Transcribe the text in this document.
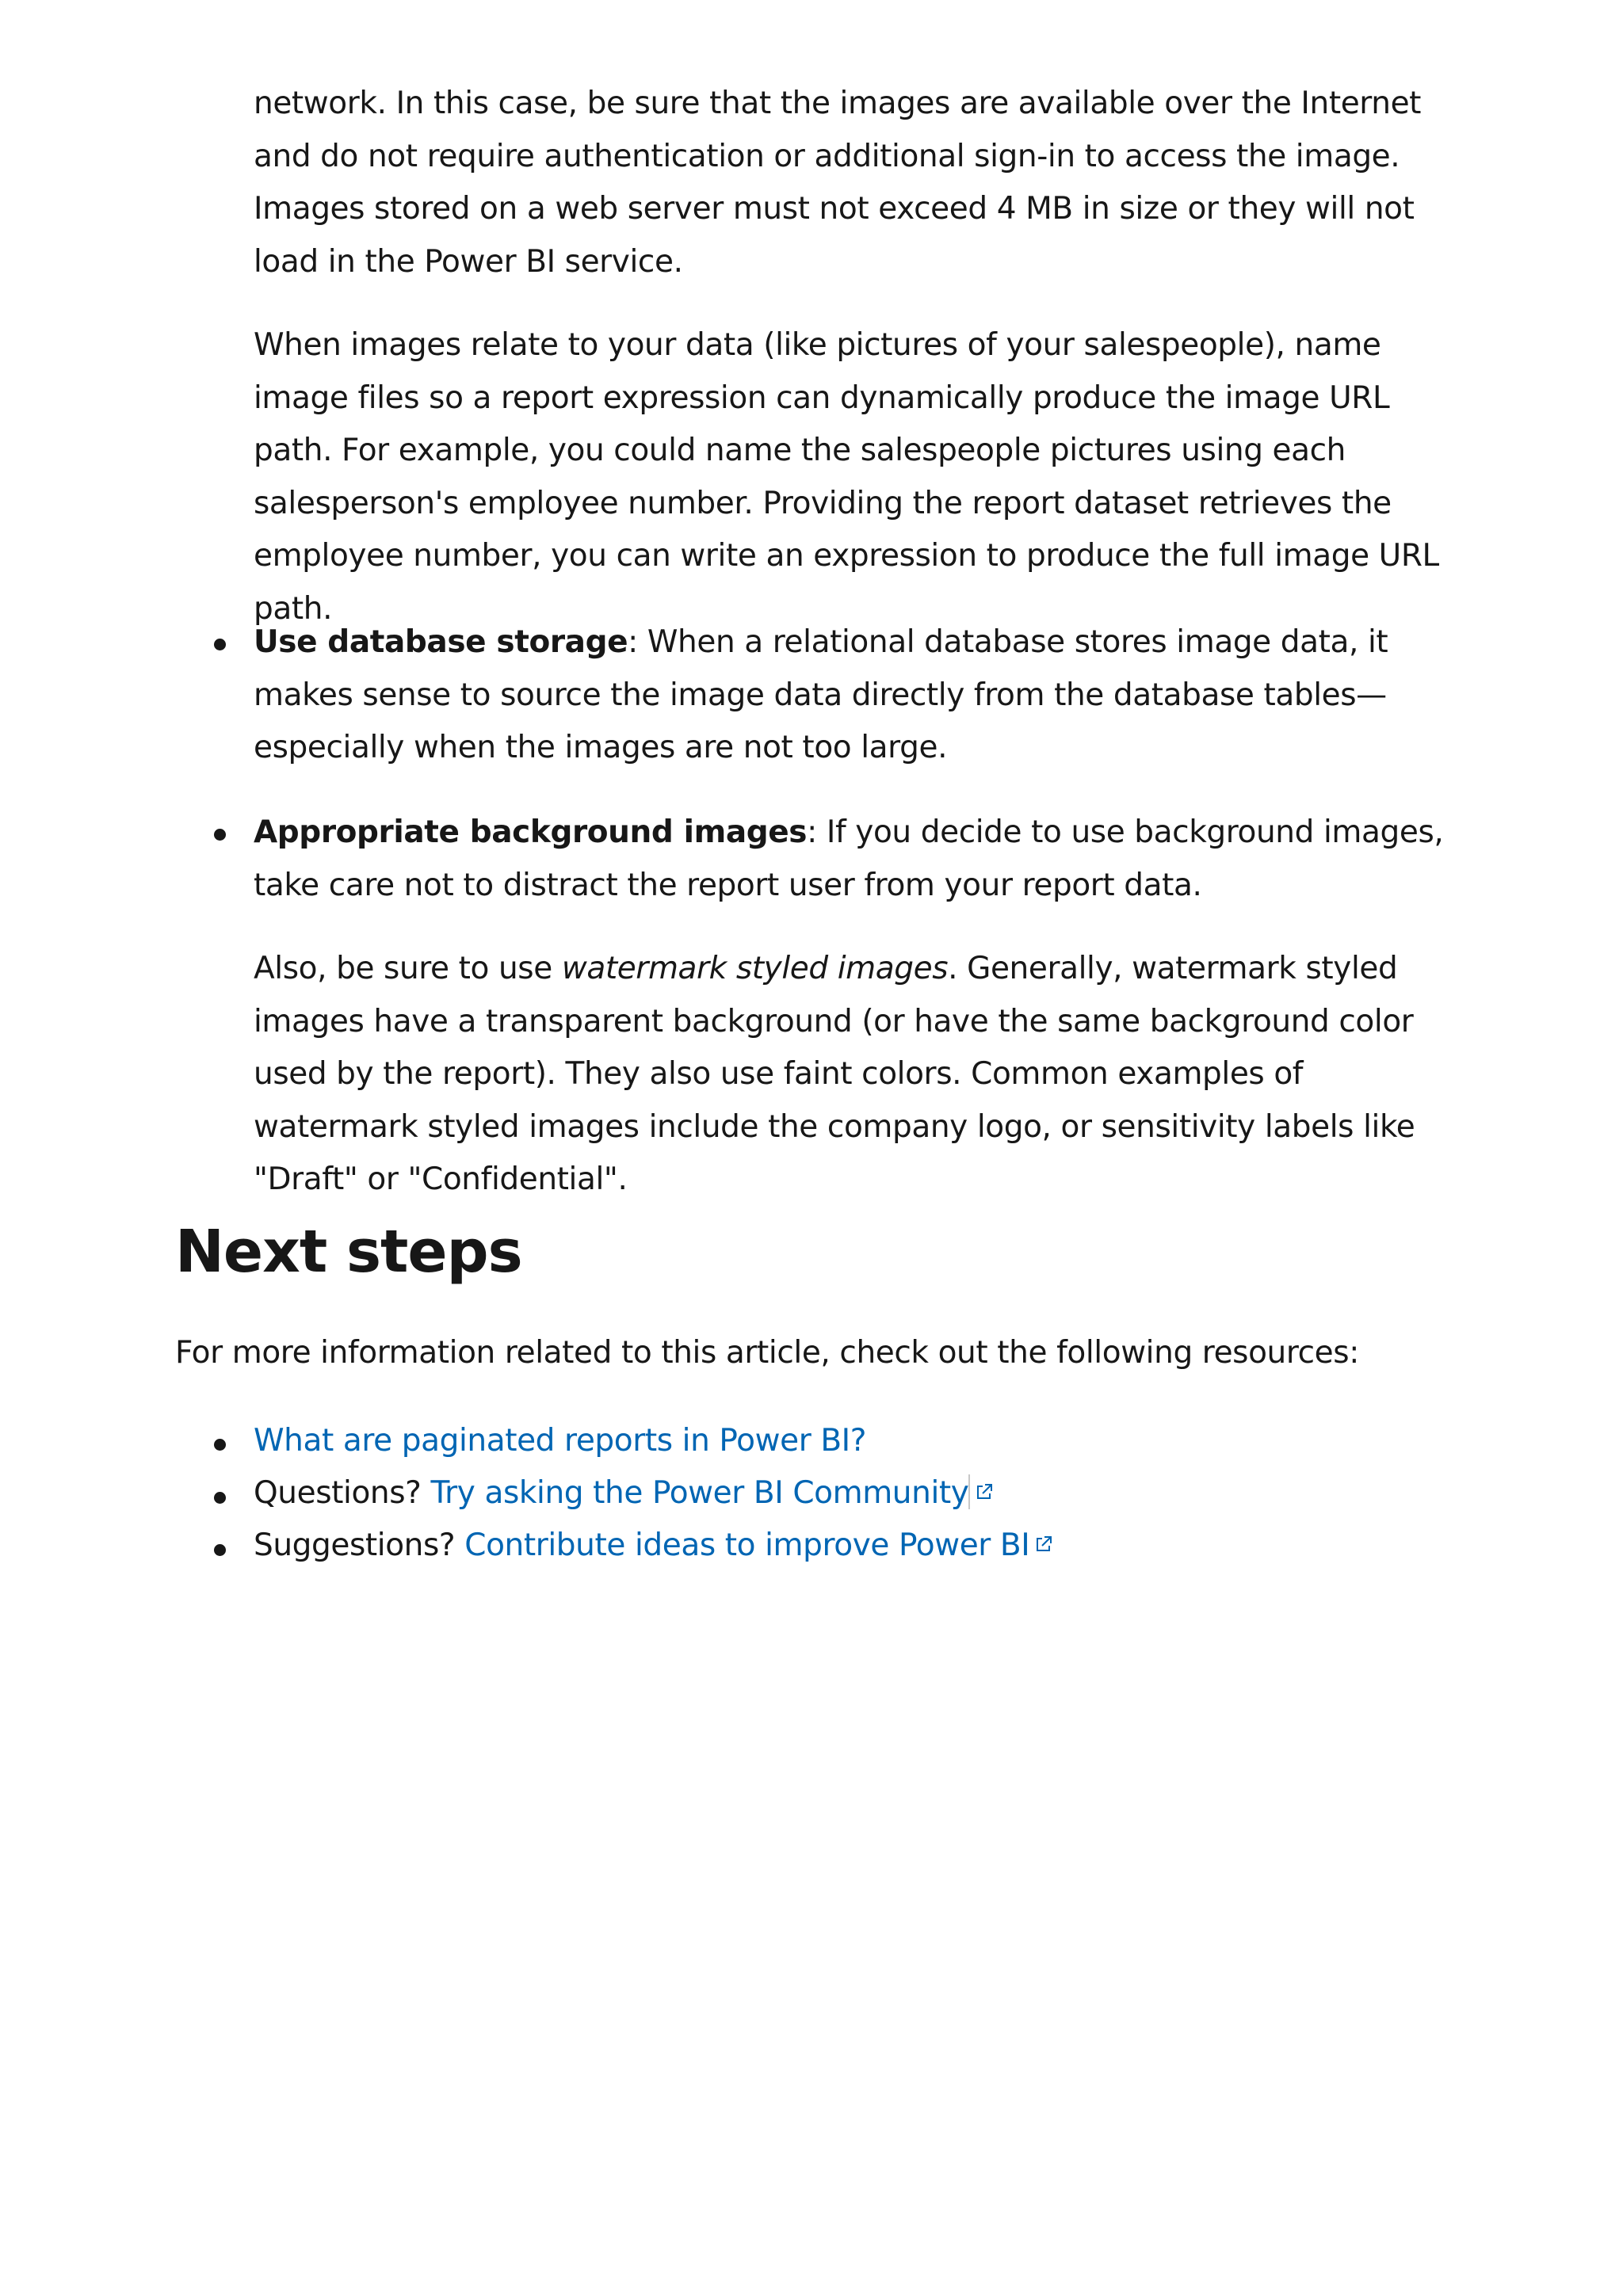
network. In this case, be sure that the images are available over the Internet and do not require authentication or additional sign-in to access the image. Images stored on a web server must not exceed 4 MB in size or they will not load in the Power BI service.

When images relate to your data (like pictures of your salespeople), name image files so a report expression can dynamically produce the image URL path. For example, you could name the salespeople pictures using each salesperson's employee number. Providing the report dataset retrieves the employee number, you can write an expression to produce the full image URL path.

Use database storage: When a relational database stores image data, it makes sense to source the image data directly from the database tables—especially when the images are not too large.

Appropriate background images: If you decide to use background images, take care not to distract the report user from your report data.

Also, be sure to use watermark styled images. Generally, watermark styled images have a transparent background (or have the same background color used by the report). They also use faint colors. Common examples of watermark styled images include the company logo, or sensitivity labels like "Draft" or "Confidential".

Next steps

For more information related to this article, check out the following resources:

What are paginated reports in Power BI?

Questions? Try asking the Power BI Community

Suggestions? Contribute ideas to improve Power BI
